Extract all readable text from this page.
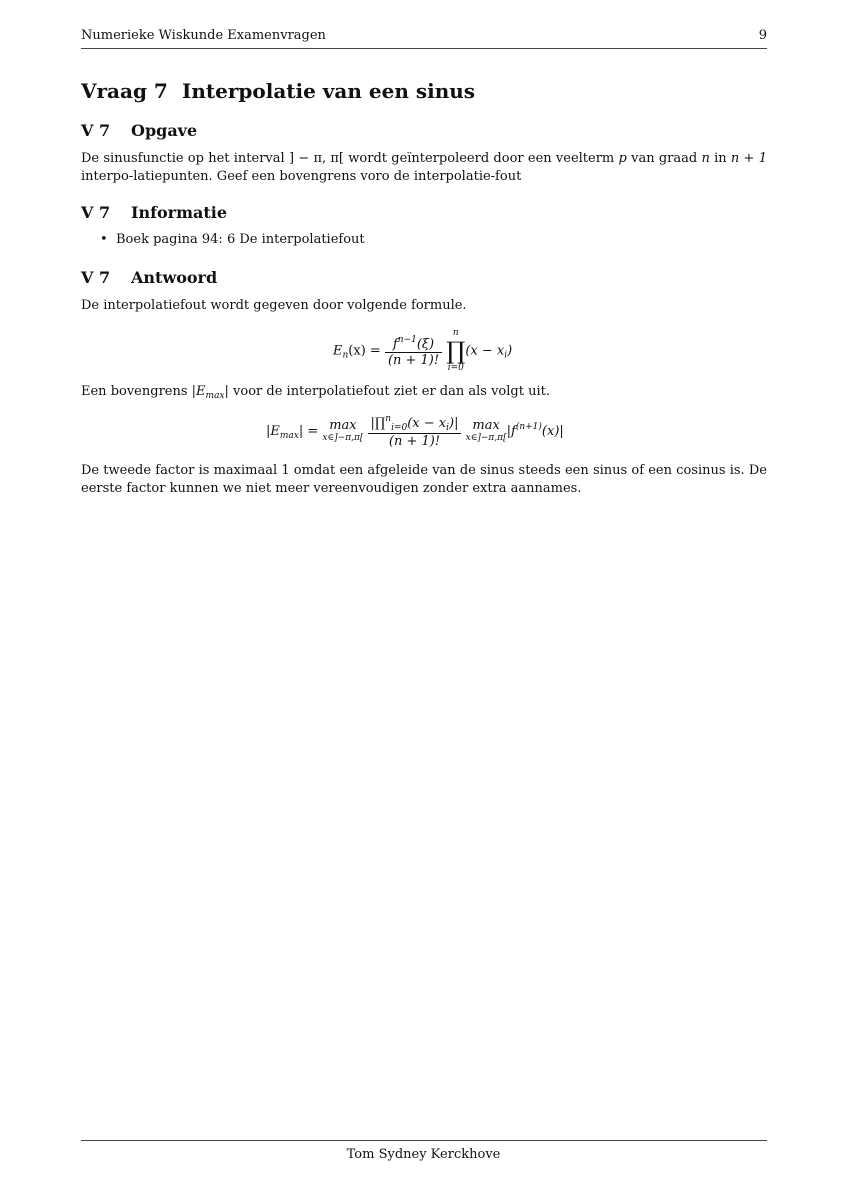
Numerieke Wiskunde Examenvragen	9
Vraag 7 Interpolatie van een sinus
V 7 Opgave
De sinusfunctie op het interval ] − π, π[ wordt geïnterpoleerd door een veelterm p van graad n in n + 1 interpo-latiepunten. Geef een bovengrens voro de interpolatie-fout
V 7 Informatie
• Boek pagina 94: 6 De interpolatiefout
V 7 Antwoord
De interpolatiefout wordt gegeven door volgende formule.
$E_n(x) = \frac{f^{n-1}(\xi)}{(n + 1)!}$

n
∏
i=0
$(x - x_i)$
Een bovengrens $|E_{max}|$ voor de interpolatiefout ziet er dan als volgt uit.
$|E_{max}| = \max$
x∈]−π,π[
$\frac{|\prod^n_{i=0}(x - x_i)|}{(n + 1)!}$
max
x∈]−π,π[ $|f^{(n+1)}(x)|$
De tweede factor is maximaal 1 omdat een afgeleide van de sinus steeds een sinus of een cosinus is. De eerste factor kunnen we niet meer vereenvoudigen zonder extra aannames.
Tom Sydney Kerckhove
